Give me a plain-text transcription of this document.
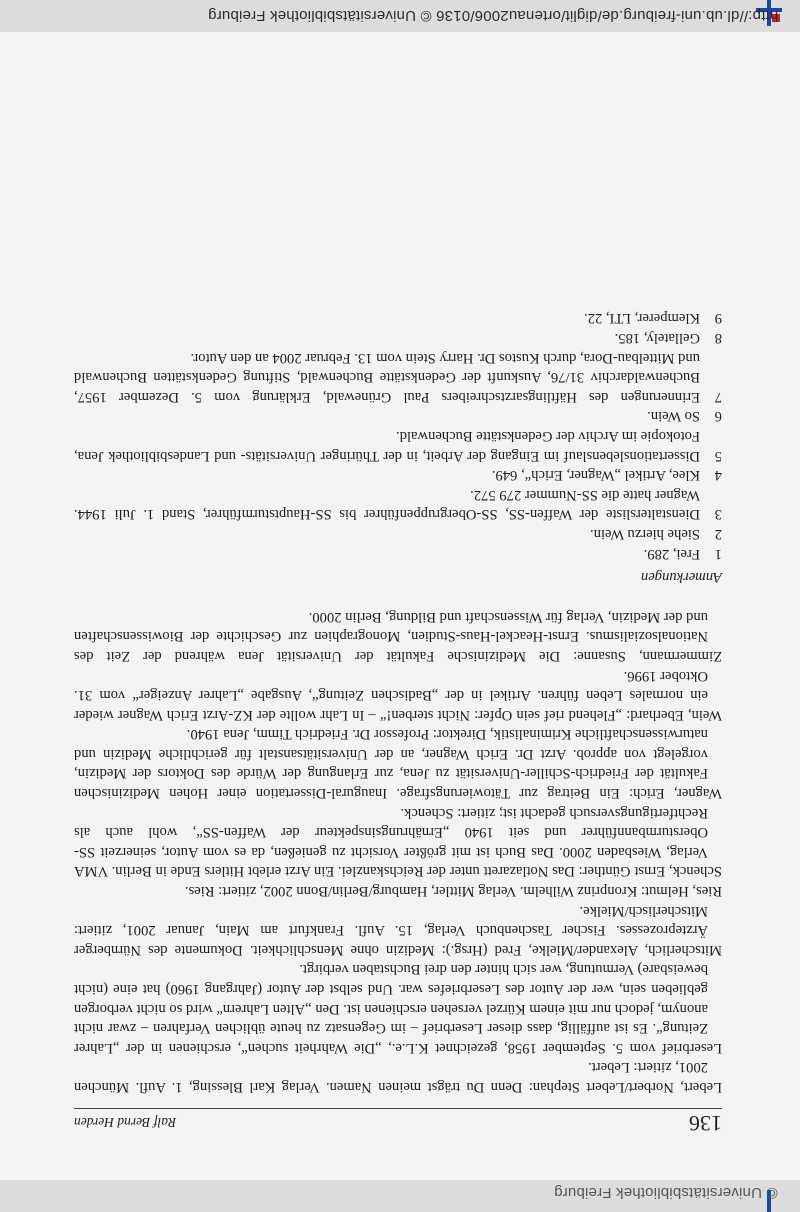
http://dl.ub.uni-freiburg.de/diglit/ortenau2006/0136 © Universitätsbibliothek Freiburg
136
Ralf Bernd Herden

Lebert, Norbert/Lebert Stephan: Denn Du trägst meinen Namen. Verlag Karl Blessing, 1. Aufl. München 2001, zitiert: Lebert.

Leserbrief vom 5. September 1958, gezeichnet K.L.e., „Die Wahrheit suchen“, erschienen in der „Lahrer Zeitung“. Es ist auffällig, dass dieser Leserbrief – im Gegensatz zu heute üblichen Verfahren – zwar nicht anonym, jedoch nur mit einem Kürzel versehen erschienen ist. Den „Alten Lahrern“ wird so nicht verborgen geblieben sein, wer der Autor des Leserbriefes war. Und selbst der Autor (Jahrgang 1960) hat eine (nicht beweisbare) Vermutung, wer sich hinter den drei Buchstaben verbirgt.

Mitscherlich, Alexander/Mielke, Fred (Hrsg.): Medizin ohne Menschlichkeit. Dokumente des Nürnberger Ärzteprozesses. Fischer Taschenbuch Verlag, 15. Aufl. Frankfurt am Main, Januar 2001, zitiert: Mitscherlisch/Mielke.

Ries, Helmut: Kronprinz Wilhelm. Verlag Mittler, Hamburg/Berlin/Bonn 2002, zitiert: Ries.

Schenck, Ernst Günther: Das Notlazarett unter der Reichskanzlei. Ein Arzt erlebt Hitlers Ende in Berlin. VMA Verlag, Wiesbaden 2000. Das Buch ist mit größter Vorsicht zu genießen, da es vom Autor, seinerzeit SS-Obersturmbannführer und seit 1940 „Ernährungsinspekteur der Waffen-SS“, wohl auch als Rechtfertigungsversuch gedacht ist; zitiert: Schenck.

Wagner, Erich: Ein Beitrag zur Tätowierungsfrage. Inaugural-Dissertation einer Hohen Medizinischen Fakultät der Friedrich-Schiller-Universität zu Jena, zur Erlangung der Würde des Doktors der Medizin, vorgelegt von approb. Arzt Dr. Erich Wagner, an der Universitätsanstalt für gerichtliche Medizin und naturwissenschaftliche Kriminalistik, Direktor: Professor Dr. Friedrich Timm, Jena 1940.

Wein, Eberhard: „Flehend rief sein Opfer: Nicht sterben!“ – In Lahr wollte der KZ-Arzt Erich Wagner wieder ein normales Leben führen. Artikel in der „Badischen Zeitung“, Ausgabe „Lahrer Anzeiger“ vom 31. Oktober 1996.

Zimmermann, Susanne: Die Medizinische Fakultät der Universität Jena während der Zeit des Nationalsozialismus. Ernst-Heackel-Haus-Studien, Monographien zur Geschichte der Biowissenschaften und der Medizin, Verlag für Wissenschaft und Bildung, Berlin 2000.

Anmerkungen

1
Frei, 289.
2
Siehe hierzu Wein.
3
Dienstaltersliste der Waffen-SS, SS-Obergruppenführer bis SS-Hauptsturmführer, Stand 1. Juli 1944. Wagner hatte die SS-Nummer 279 572.
4
Klee, Artikel „Wagner, Erich“, 649.
5
Dissertationslebenslauf im Eingang der Arbeit, in der Thüringer Universitäts- und Landesbibliothek Jena, Fotokopie im Archiv der Gedenkstätte Buchenwald.
6
So Wein.
7
Erinnerungen des Häftlingsarztschreibers Paul Grünewald, Erklärung vom 5. Dezember 1957, Buchenwaldarchiv 31/76, Auskunft der Gedenkstätte Buchenwald, Stiftung Gedenkstätten Buchenwald und Mittelbau-Dora, durch Kustos Dr. Harry Stein vom 13. Februar 2004 an den Autor.
8
Gellately, 185.
9
Klemperer, LTI, 22.
© Universitätsbibliothek Freiburg
